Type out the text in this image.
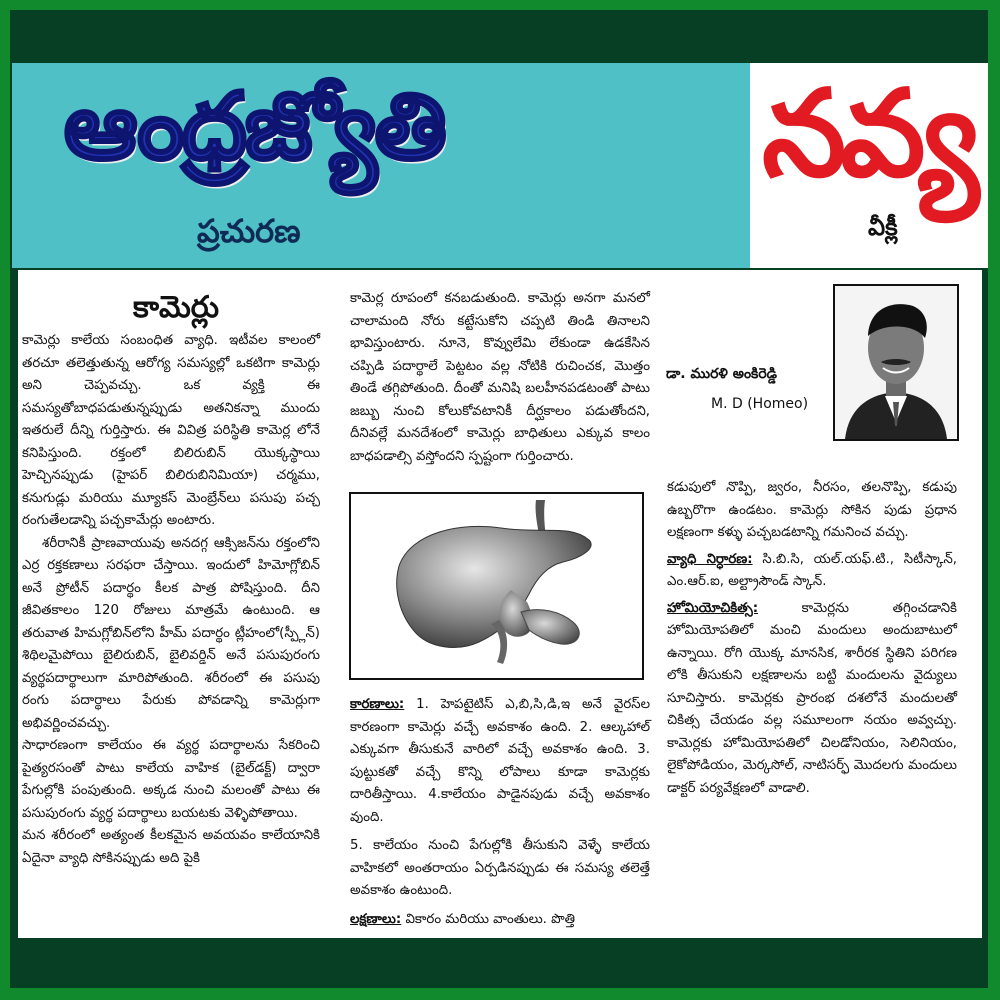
ఆంధ్రజ్యోతి
ప్రచురణ
నవ్య
వీక్లీ
కామెర్లు

కామెర్లు కాలేయ సంబంధిత వ్యాధి. ఇటీవల కాలంలో తరచూ తలెత్తుతున్న ఆరోగ్య సమస్యల్లో ఒకటిగా కామెర్లు అని చెప్పవచ్చు. ఒక వ్యక్తి ఈ సమస్యతోబాధపడుతున్నప్పుడు అతనికన్నా ముందు ఇతరులే దీన్ని గుర్తిస్తారు. ఈ వివిత్ర పరిస్థితి కామెర్ల లోనే కనిపిస్తుంది. రక్తంలో బిలిరుబిన్ యొక్కస్థాయి హెచ్చినప్పుడు (హైపర్ బిలిరుబినిమియా) చర్మము, కనుగుడ్లు మరియు మ్యూకస్ మెంబ్రేన్‌లు పసుపు పచ్చ రంగుతేలడాన్ని పచ్చకామేర్లు అంటారు.

శరీరానికీ ప్రాణవాయువు అనదగ్గ ఆక్సిజన్‌ను రక్తంలోని ఎర్ర రక్తకణాలు సరఫరా చేస్తాయి. ఇందులో హిమోగ్లోబిన్ అనే ప్రోటీన్ పదార్థం కీలక పాత్ర పోషిస్తుంది. దీని జీవితకాలం 120 రోజులు మాత్రమే ఉంటుంది. ఆ తరువాత హిమగ్లోబిన్‌లోని హీమ్ పదార్థం ట్లీహంలో(స్ప్లీన్) శిథిలమైపోయి బైలిరుబిన్, బైలివర్డిన్ అనే పసుపురంగు వ్యర్థపదార్థాలుగా మారిపోతుంది. శరీరంలో ఈ పసుపు రంగు పదార్థాలు పేరుకు పోవడాన్ని కామెర్లుగా అభివర్ణించవచ్చు.

సాధారణంగా కాలేయం ఈ వ్యర్థ పదార్థాలను సేకరించి పైత్యరసంతో పాటు కాలేయ వాహిక (బైల్‌డక్ట్) ద్వారా పేగుల్లోకి పంపుతుంది. అక్కడ నుంచి మలంతో పాటు ఈ పసుపురంగు వ్యర్థ పదార్థాలు బయటకు వెళ్ళిపోతాయి.

మన శరీరంలో అత్యంత కీలకమైన అవయవం కాలేయానికి ఏదైనా వ్యాధి సోకినప్పుడు అది పైకి

కామెర్ల రూపంలో కనబడుతుంది. కామెర్లు అనగా మనలో చాలామంది నోరు కట్టేసుకోని చప్పటి తిండి తినాలని భావిస్తుంటారు. నూనె, కొవ్వులేమి లేకుండా ఉడకేసిన చప్పిడి పదార్థాలే పెట్టటం వల్ల నోటికి రుచించక, మొత్తం తిండే తగ్గిపోతుంది. దీంతో మనిషి బలహీనపడటంతో పాటు జబ్బు నుంచి కోలుకోవటానికీ దీర్ఘకాలం పడుతోందని, దీనివల్లే మనదేశంలో కామెర్లు బాధితులు ఎక్కువ కాలం బాధపడాల్సి వస్తోందని స్పష్టంగా గుర్తించారు.

కారణాలు: 1. హెపటైటిస్ ఎ,బి,సి,డి,ఇ అనే వైరస్‌ల కారణంగా కామెర్లు వచ్చే అవకాశం ఉంది. 2. ఆల్కహాల్ ఎక్కువగా తీసుకునే వారిలో వచ్చే అవకాశం ఉంది. 3. పుట్టుకతో వచ్చే కొన్ని లోపాలు కూడా కామెర్లకు దారితీస్తాయి. 4.కాలేయం పాడైనపుడు వచ్చే అవకాశం వుంది.

5. కాలేయం నుంచి పేగుల్లోకి తీసుకుని వెళ్ళే కాలేయ వాహికలో అంతరాయం ఏర్పడినప్పుడు ఈ సమస్య తలెత్తే అవకాశం ఉంటుంది.

లక్షణాలు: వికారం మరియు వాంతులు. పొత్తి

డా. మురళి అంకిరెడ్డి
M. D (Homeo)

కడుపులో నొప్పి, జ్వరం, నీరసం, తలనొప్పి, కడుపు ఉబ్బరొగా ఉండటం. కామెర్లు సోకిన పుడు ప్రధాన లక్షణంగా కళ్ళు పచ్చబడటాన్ని గమనించ వచ్చు.

వ్యాధి నిర్ధారణ: సి.బి.సి, యల్.యఫ్.టి., సిటీస్కాన్, ఎం.ఆర్.ఐ, అల్ట్రాసౌండ్ స్కాన్.

హోమియోచికిత్స: కామెర్లను తగ్గించడానికి హోమియోపతిలో మంచి మందులు అందుబాటులో ఉన్నాయి. రోగి యొక్క మానసిక, శారీరక స్థితిని పరిగణ లోకి తీసుకుని లక్షణాలను బట్టి మందులను వైద్యులు సూచిస్తారు. కామెర్లకు ప్రారంభ దశలోనే మందులతో చికిత్స చేయడం వల్ల సమూలంగా నయం అవ్వచ్చు. కామెర్లకు హోమియోపతిలో చిలడోనియం, సెలినియం, లైకోపోడియం, మెర్కసోల్, నాటిసర్ఫ్ మొదలగు మందులు డాక్టర్ పర్యవేక్షణలో వాడాలి.
